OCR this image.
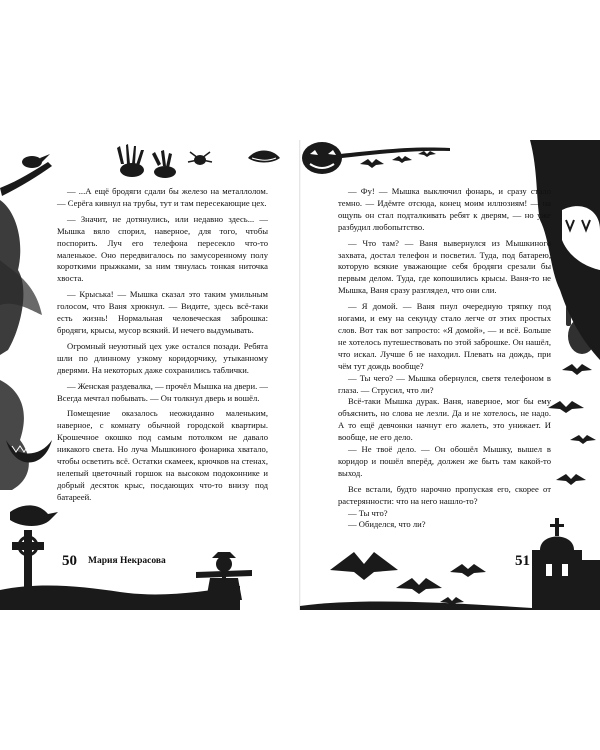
— ...А ещё бродяги сдали бы железо на металлолом. — Серёга кивнул на трубы, тут и там пересекающие цех.

— Значит, не дотянулись, или недавно здесь... — Мышка вяло спорил, наверное, для того, чтобы поспорить. Луч его телефона пересекло что-то маленькое. Оно передвигалось по замусоренному полу короткими прыжками, за ним тянулась тонкая ниточка хвоста.

— Крыська! — Мышка сказал это таким умильным голосом, что Ваня хрюкнул. — Видите, здесь всё-таки есть жизнь! Нормальная человеческая заброшка: бродяги, крысы, мусор всякий. И нечего выдумывать.

Огромный неуютный цех уже остался позади. Ребята шли по длинному узкому коридорчику, утыканному дверями. На некоторых даже сохранились таблички.

— Женская раздевалка, — прочёл Мышка на двери. — Всегда мечтал побывать. — Он толкнул дверь и вошёл.

Помещение оказалось неожиданно маленьким, наверное, с комнату обычной городской квартиры. Крошечное окошко под самым потолком не давало никакого света. Но луча Мышкиного фонарика хватало, чтобы осветить всё. Остатки скамеек, крючков на стенах, нелепый цветочный горшок на высоком подоконнике и добрый десяток крыс, посдающих что-то внизу под батареей.

50 Мария Некрасова

— Фу! — Мышка выключил фонарь, и сразу стало темно. — Идёмте отсюда, конец моим иллюзиям! — на ощупь он стал подталкивать ребят к дверям, — но уже разбудил любопытство.

— Что там? — Ваня вывернулся из Мышкиного захвата, достал телефон и посветил. Туда, под батарею, которую всякие уважающие себя бродяги срезали бы первым делом. Туда, где копошились крысы. Ваня-то не Мышка, Ваня сразу разглядел, что они сли.

— Я домой. — Ваня пнул очередную тряпку под ногами, и ему на секунду стало легче от этих простых слов. Вот так вот запросто: «Я домой», — и всё. Больше не хотелось путешествовать по этой заброшке. Он нашёл, что искал. Лучше б не находил. Плевать на дождь, при чём тут дождь вообще?

— Ты чего? — Мышка обернулся, светя телефоном в глаза. — Струсил, что ли?

Всё-таки Мышка дурак. Ваня, наверное, мог бы ему объяснить, но слова не лезли. Да и не хотелось, не надо. А то ещё девчонки начнут его жалеть, это унижает. И вообще, не его дело.

— Не твоё дело. — Он обошёл Мышку, вышел в коридор и пошёл вперёд, должен же быть там какой-то выход.

Все встали, будто нарочно пропуская его, скорее от растерянности: что на него нашло-то?

— Ты что?

— Обиделся, что ли?

51
